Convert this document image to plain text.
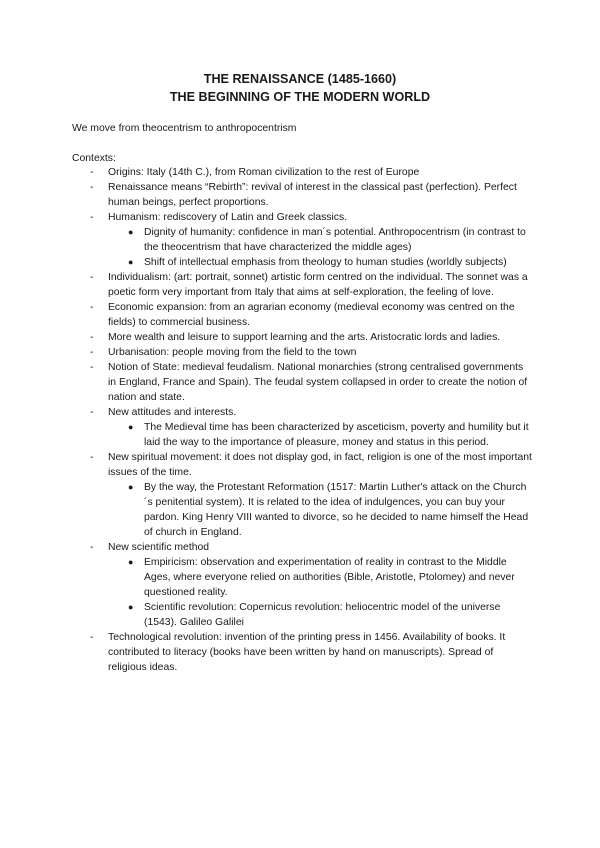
THE RENAISSANCE (1485-1660)
THE BEGINNING OF THE MODERN WORLD
We move from theocentrism to anthropocentrism
Contexts:
- Origins: Italy (14th C.), from Roman civilization to the rest of Europe
- Renaissance means “Rebirth”: revival of interest in the classical past (perfection). Perfect human beings, perfect proportions.
- Humanism: rediscovery of Latin and Greek classics.
● Dignity of humanity: confidence in man´s potential. Anthropocentrism (in contrast to the theocentrism that have characterized the middle ages)
● Shift of intellectual emphasis from theology to human studies (worldly subjects)
- Individualism: (art: portrait, sonnet) artistic form centred on the individual. The sonnet was a poetic form very important from Italy that aims at self-exploration, the feeling of love.
- Economic expansion: from an agrarian economy (medieval economy was centred on the fields) to commercial business.
- More wealth and leisure to support learning and the arts. Aristocratic lords and ladies.
- Urbanisation: people moving from the field to the town
- Notion of State: medieval feudalism. National monarchies (strong centralised governments in England, France and Spain). The feudal system collapsed in order to create the notion of nation and state.
- New attitudes and interests.
● The Medieval time has been characterized by asceticism, poverty and humility but it laid the way to the importance of pleasure, money and status in this period.
- New spiritual movement: it does not display god, in fact, religion is one of the most important issues of the time.
● By the way, the Protestant Reformation (1517: Martin Luther's attack on the Church´s penitential system). It is related to the idea of indulgences, you can buy your pardon. King Henry VIII wanted to divorce, so he decided to name himself the Head of church in England.
- New scientific method
● Empiricism: observation and experimentation of reality in contrast to the Middle Ages, where everyone relied on authorities (Bible, Aristotle, Ptolomey) and never questioned reality.
● Scientific revolution: Copernicus revolution: heliocentric model of the universe (1543). Galileo Galilei
- Technological revolution: invention of the printing press in 1456. Availability of books. It contributed to literacy (books have been written by hand on manuscripts). Spread of religious ideas.
